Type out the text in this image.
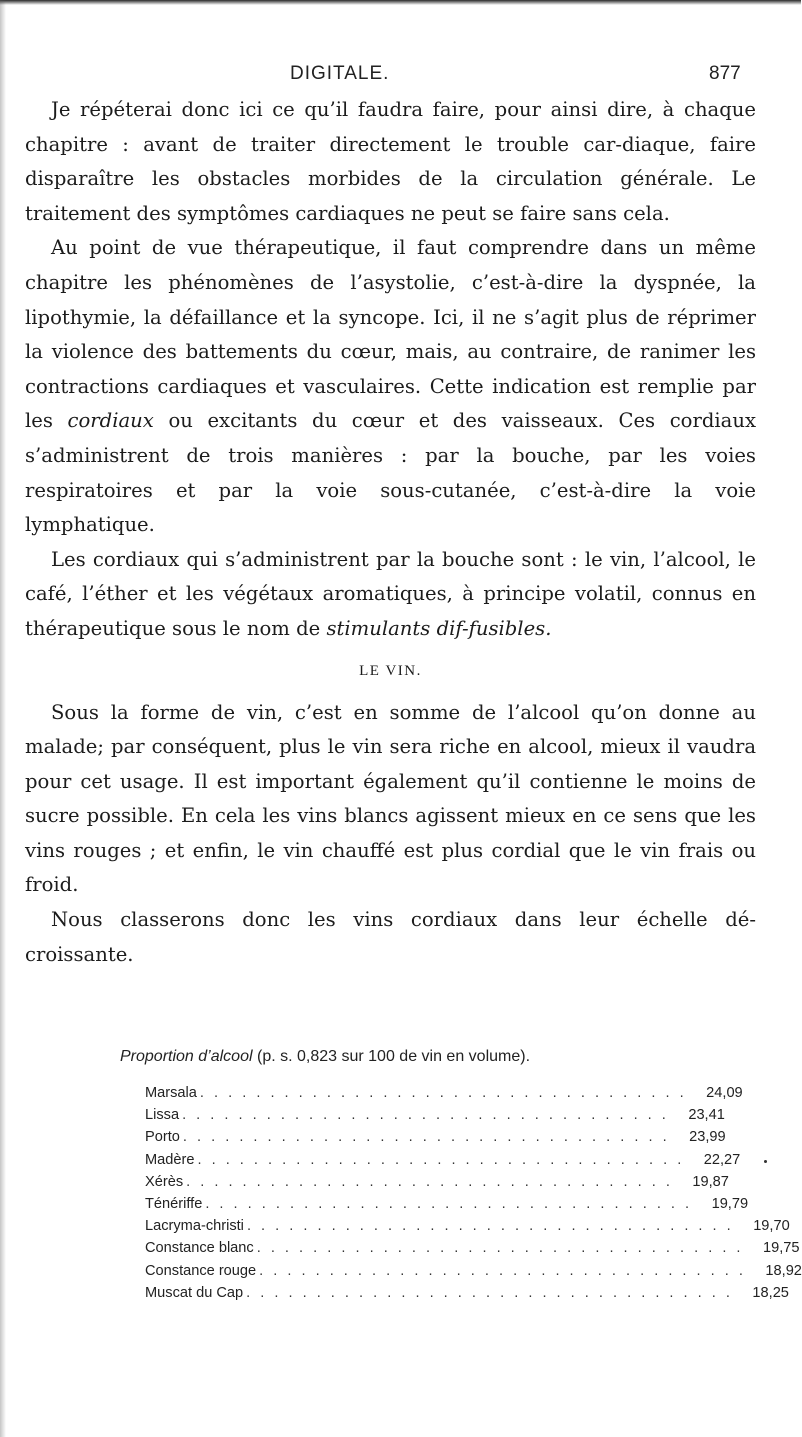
DIGITALE.	877

Je répéterai donc ici ce qu’il faudra faire, pour ainsi dire, à chaque chapitre : avant de traiter directement le trouble car-diaque, faire disparaître les obstacles morbides de la circulation générale. Le traitement des symptômes cardiaques ne peut se faire sans cela.

Au point de vue thérapeutique, il faut comprendre dans un même chapitre les phénomènes de l’asystolie, c’est-à-dire la dyspnée, la lipothymie, la défaillance et la syncope. Ici, il ne s’agit plus de réprimer la violence des battements du cœur, mais, au contraire, de ranimer les contractions cardiaques et vasculaires. Cette indication est remplie par les cordiaux ou excitants du cœur et des vaisseaux. Ces cordiaux s’administrent de trois manières : par la bouche, par les voies respiratoires et par la voie sous-cutanée, c’est-à-dire la voie lymphatique.

Les cordiaux qui s’administrent par la bouche sont : le vin, l’alcool, le café, l’éther et les végétaux aromatiques, à principe volatil, connus en thérapeutique sous le nom de stimulants dif-fusibles.

LE VIN.

Sous la forme de vin, c’est en somme de l’alcool qu’on donne au malade; par conséquent, plus le vin sera riche en alcool, mieux il vaudra pour cet usage. Il est important également qu’il contienne le moins de sucre possible. En cela les vins blancs agissent mieux en ce sens que les vins rouges ; et enfin, le vin chauffé est plus cordial que le vin frais ou froid.

Nous classerons donc les vins cordiaux dans leur échelle dé-croissante.

Proportion d’alcool (p. s. 0,823 sur 100 de vin en volume).
Marsala . . . . . . . . . . . . . . . . . . . . . . . . . . . . . . . . . . .	24,09
Lissa . . . . . . . . . . . . . . . . . . . . . . . . . . . . . . . . . . .	23,41
Porto . . . . . . . . . . . . . . . . . . . . . . . . . . . . . . . . . . .	23,99
Madère . . . . . . . . . . . . . . . . . . . . . . . . . . . . . . . . . . .	22,27
Xérès . . . . . . . . . . . . . . . . . . . . . . . . . . . . . . . . . . .	19,87
Ténériffe . . . . . . . . . . . . . . . . . . . . . . . . . . . . . . . . . . .	19,79
Lacryma-christi . . . . . . . . . . . . . . . . . . . . . . . . . . . . . . . . . . .	19,70
Constance blanc . . . . . . . . . . . . . . . . . . . . . . . . . . . . . . . . . . .	19,75
Constance rouge . . . . . . . . . . . . . . . . . . . . . . . . . . . . . . . . . . .	18,92
Muscat du Cap . . . . . . . . . . . . . . . . . . . . . . . . . . . . . . . . . . .	18,25
